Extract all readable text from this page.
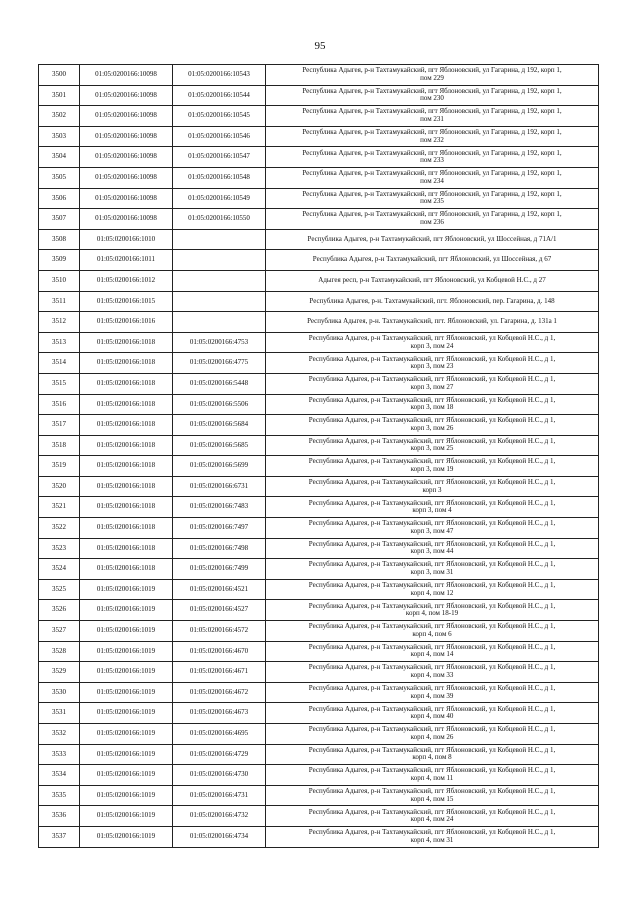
95
3500	01:05:0200166:10098	01:05:0200166:10543	Республика Адыгея, р-н Тахтамукайский, пгт Яблоновский, ул Гагарина, д 192, корп 1,
пом 229

3501	01:05:0200166:10098	01:05:0200166:10544	Республика Адыгея, р-н Тахтамукайский, пгт Яблоновский, ул Гагарина, д 192, корп 1,
пом 230

3502	01:05:0200166:10098	01:05:0200166:10545	Республика Адыгея, р-н Тахтамукайский, пгт Яблоновский, ул Гагарина, д 192, корп 1,
пом 231

3503	01:05:0200166:10098	01:05:0200166:10546	Республика Адыгея, р-н Тахтамукайский, пгт Яблоновский, ул Гагарина, д 192, корп 1,
пом 232

3504	01:05:0200166:10098	01:05:0200166:10547	Республика Адыгея, р-н Тахтамукайский, пгт Яблоновский, ул Гагарина, д 192, корп 1,
пом 233

3505	01:05:0200166:10098	01:05:0200166:10548	Республика Адыгея, р-н Тахтамукайский, пгт Яблоновский, ул Гагарина, д 192, корп 1,
пом 234

3506	01:05:0200166:10098	01:05:0200166:10549	Республика Адыгея, р-н Тахтамукайский, пгт Яблоновский, ул Гагарина, д 192, корп 1,
пом 235

3507	01:05:0200166:10098	01:05:0200166:10550	Республика Адыгея, р-н Тахтамукайский, пгт Яблоновский, ул Гагарина, д 192, корп 1,
пом 236

3508	01:05:0200166:1010		Республика Адыгея, р-н Тахтамукайский, пгт Яблоновский, ул Шоссейная, д 71А/1

3509	01:05:0200166:1011		Республика Адыгея, р-н Тахтамукайский, пгт Яблоновский, ул Шоссейная, д 67

3510	01:05:0200166:1012		Адыгея респ, р-н Тахтамукайский, пгт Яблоновский, ул Кобцевой Н.С., д 27

3511	01:05:0200166:1015		Республика Адыгея, р-н. Тахтамукайский, пгт. Яблоновский, пер. Гагарина, д. 148

3512	01:05:0200166:1016		Республика Адыгея, р-н. Тахтамукайский, пгт. Яблоновский, ул. Гагарина, д. 131а 1

3513	01:05:0200166:1018	01:05:0200166:4753	Республика Адыгея, р-н Тахтамукайский, пгт Яблоновский, ул Кобцевой Н.С., д 1,
корп 3, пом 24

3514	01:05:0200166:1018	01:05:0200166:4775	Республика Адыгея, р-н Тахтамукайский, пгт Яблоновский, ул Кобцевой Н.С., д 1,
корп 3, пом 23

3515	01:05:0200166:1018	01:05:0200166:5448	Республика Адыгея, р-н Тахтамукайский, пгт Яблоновский, ул Кобцевой Н.С., д 1,
корп 3, пом 27

3516	01:05:0200166:1018	01:05:0200166:5506	Республика Адыгея, р-н Тахтамукайский, пгт Яблоновский, ул Кобцевой Н.С., д 1,
корп 3, пом 18

3517	01:05:0200166:1018	01:05:0200166:5684	Республика Адыгея, р-н Тахтамукайский, пгт Яблоновский, ул Кобцевой Н.С., д 1,
корп 3, пом 26

3518	01:05:0200166:1018	01:05:0200166:5685	Республика Адыгея, р-н Тахтамукайский, пгт Яблоновский, ул Кобцевой Н.С., д 1,
корп 3, пом 25

3519	01:05:0200166:1018	01:05:0200166:5699	Республика Адыгея, р-н Тахтамукайский, пгт Яблоновский, ул Кобцевой Н.С., д 1,
корп 3, пом 19

3520	01:05:0200166:1018	01:05:0200166:6731	Республика Адыгея, р-н Тахтамукайский, пгт Яблоновский, ул Кобцевой Н.С., д 1,
корп 3

3521	01:05:0200166:1018	01:05:0200166:7483	Республика Адыгея, р-н Тахтамукайский, пгт Яблоновский, ул Кобцевой Н.С., д 1,
корп 3, пом 4

3522	01:05:0200166:1018	01:05:0200166:7497	Республика Адыгея, р-н Тахтамукайский, пгт Яблоновский, ул Кобцевой Н.С., д 1,
корп 3, пом 47

3523	01:05:0200166:1018	01:05:0200166:7498	Республика Адыгея, р-н Тахтамукайский, пгт Яблоновский, ул Кобцевой Н.С., д 1,
корп 3, пом 44

3524	01:05:0200166:1018	01:05:0200166:7499	Республика Адыгея, р-н Тахтамукайский, пгт Яблоновский, ул Кобцевой Н.С., д 1,
корп 3, пом 31

3525	01:05:0200166:1019	01:05:0200166:4521	Республика Адыгея, р-н Тахтамукайский, пгт Яблоновский, ул Кобцевой Н.С., д 1,
корп 4, пом 12

3526	01:05:0200166:1019	01:05:0200166:4527	Республика Адыгея, р-н Тахтамукайский, пгт Яблоновский, ул Кобцевой Н.С., д 1,
корп 4, пом 18-19

3527	01:05:0200166:1019	01:05:0200166:4572	Республика Адыгея, р-н Тахтамукайский, пгт Яблоновский, ул Кобцевой Н.С., д 1,
корп 4, пом 6

3528	01:05:0200166:1019	01:05:0200166:4670	Республика Адыгея, р-н Тахтамукайский, пгт Яблоновский, ул Кобцевой Н.С., д 1,
корп 4, пом 14

3529	01:05:0200166:1019	01:05:0200166:4671	Республика Адыгея, р-н Тахтамукайский, пгт Яблоновский, ул Кобцевой Н.С., д 1,
корп 4, пом 33

3530	01:05:0200166:1019	01:05:0200166:4672	Республика Адыгея, р-н Тахтамукайский, пгт Яблоновский, ул Кобцевой Н.С., д 1,
корп 4, пом 39

3531	01:05:0200166:1019	01:05:0200166:4673	Республика Адыгея, р-н Тахтамукайский, пгт Яблоновский, ул Кобцевой Н.С., д 1,
корп 4, пом 40

3532	01:05:0200166:1019	01:05:0200166:4695	Республика Адыгея, р-н Тахтамукайский, пгт Яблоновский, ул Кобцевой Н.С., д 1,
корп 4, пом 26

3533	01:05:0200166:1019	01:05:0200166:4729	Республика Адыгея, р-н Тахтамукайский, пгт Яблоновский, ул Кобцевой Н.С., д 1,
корп 4, пом 8

3534	01:05:0200166:1019	01:05:0200166:4730	Республика Адыгея, р-н Тахтамукайский, пгт Яблоновский, ул Кобцевой Н.С., д 1,
корп 4, пом 11

3535	01:05:0200166:1019	01:05:0200166:4731	Республика Адыгея, р-н Тахтамукайский, пгт Яблоновский, ул Кобцевой Н.С., д 1,
корп 4, пом 15

3536	01:05:0200166:1019	01:05:0200166:4732	Республика Адыгея, р-н Тахтамукайский, пгт Яблоновский, ул Кобцевой Н.С., д 1,
корп 4, пом 24

3537	01:05:0200166:1019	01:05:0200166:4734	Республика Адыгея, р-н Тахтамукайский, пгт Яблоновский, ул Кобцевой Н.С., д 1,
корп 4, пом 31
